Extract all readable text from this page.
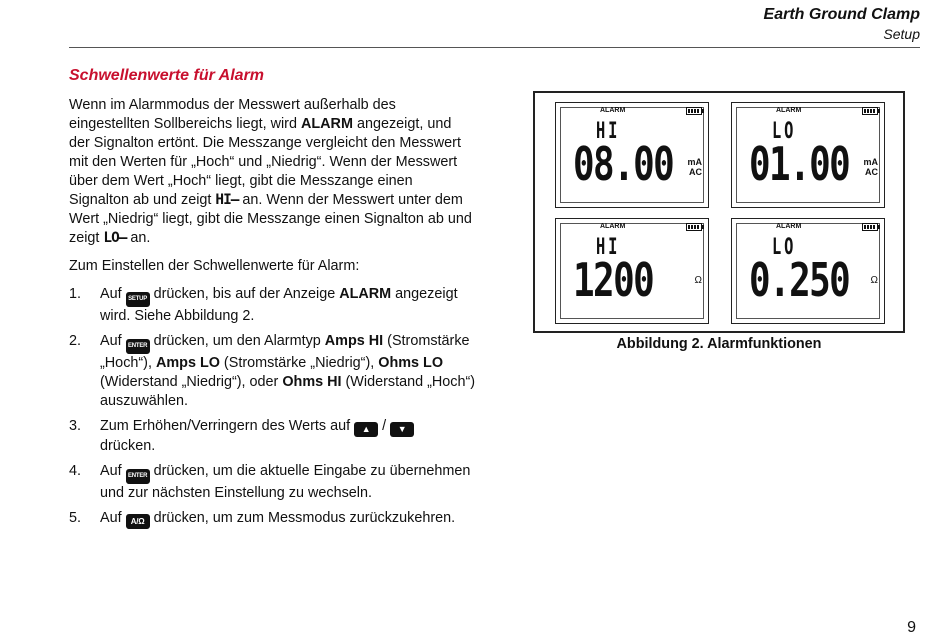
Earth Ground Clamp
Setup
Schwellenwerte für Alarm
Wenn im Alarmmodus der Messwert außerhalb des eingestellten Sollbereichs liegt, wird ALARM angezeigt, und der Signalton ertönt. Die Messzange vergleicht den Messwert mit den Werten für „Hoch“ und „Niedrig“. Wenn der Messwert über dem Wert „Hoch“ liegt, gibt die Messzange einen Signalton ab und zeigt HI— an. Wenn der Messwert unter dem Wert „Niedrig“ liegt, gibt die Messzange einen Signalton ab und zeigt LO— an.
Zum Einstellen der Schwellenwerte für Alarm:
1. Auf SETUP drücken, bis auf der Anzeige ALARM angezeigt wird. Siehe Abbildung 2.
2. Auf ENTER drücken, um den Alarmtyp Amps HI (Stromstärke „Hoch“), Amps LO (Stromstärke „Niedrig“), Ohms LO (Widerstand „Niedrig“), oder Ohms HI (Widerstand „Hoch“) auszuwählen.
3. Zum Erhöhen/Verringern des Werts auf ▲ / ▼
drücken.
4. Auf ENTER drücken, um die aktuelle Eingabe zu übernehmen und zur nächsten Einstellung zu wechseln.
5. Auf A/Ω drücken, um zum Messmodus zurückzukehren.
ALARM
HI
08.00 mA
AC
ALARM
LO
01.00 mA
AC
ALARM
HI
1200	Ω
ALARM
LO
0.250 Ω
Abbildung 2. Alarmfunktionen
9
